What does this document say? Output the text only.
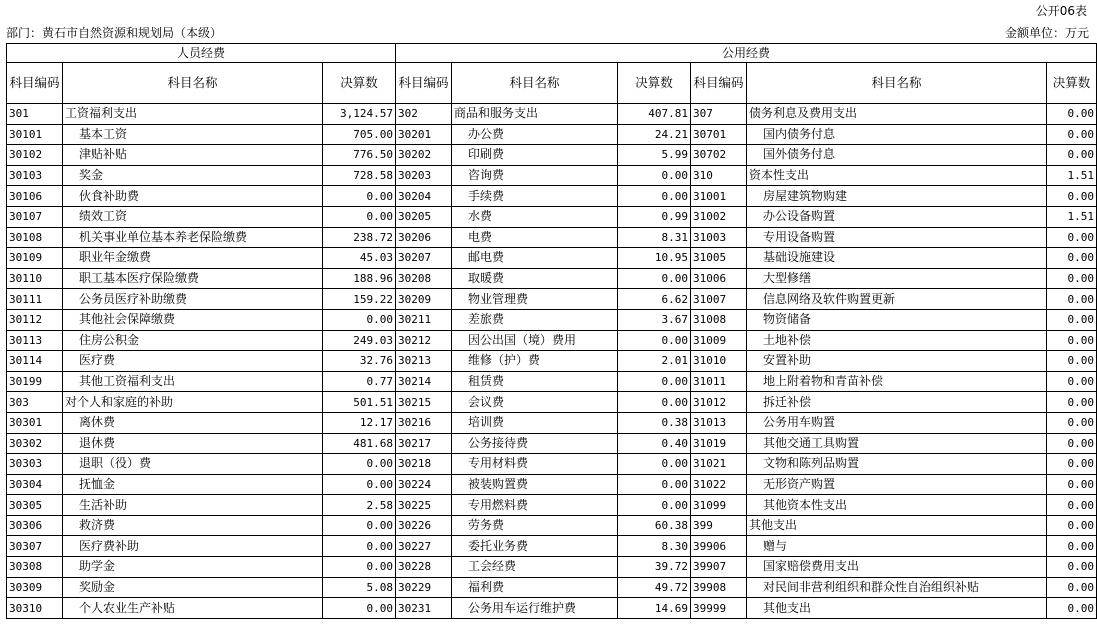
公开06表
部门：黄石市自然资源和规划局（本级）	金额单位：万元
人员经费			公用经费					
科目编码	科目名称	决算数	科目编码	科目名称	决算数	科目编码	科目名称	决算数
301	工资福利支出	3,124.57	302	商品和服务支出	407.81	307	债务利息及费用支出	0.00
30101	基本工资	705.00	30201	办公费	24.21	30701	国内债务付息	0.00
30102	津贴补贴	776.50	30202	印刷费	5.99	30702	国外债务付息	0.00
30103	奖金	728.58	30203	咨询费	0.00	310	资本性支出	1.51
30106	伙食补助费	0.00	30204	手续费	0.00	31001	房屋建筑物购建	0.00
30107	绩效工资	0.00	30205	水费	0.99	31002	办公设备购置	1.51
30108	机关事业单位基本养老保险缴费	238.72	30206	电费	8.31	31003	专用设备购置	0.00
30109	职业年金缴费	45.03	30207	邮电费	10.95	31005	基础设施建设	0.00
30110	职工基本医疗保险缴费	188.96	30208	取暖费	0.00	31006	大型修缮	0.00
30111	公务员医疗补助缴费	159.22	30209	物业管理费	6.62	31007	信息网络及软件购置更新	0.00
30112	其他社会保障缴费	0.00	30211	差旅费	3.67	31008	物资储备	0.00
30113	住房公积金	249.03	30212	因公出国（境）费用	0.00	31009	土地补偿	0.00
30114	医疗费	32.76	30213	维修（护）费	2.01	31010	安置补助	0.00
30199	其他工资福利支出	0.77	30214	租赁费	0.00	31011	地上附着物和青苗补偿	0.00
303	对个人和家庭的补助	501.51	30215	会议费	0.00	31012	拆迁补偿	0.00
30301	离休费	12.17	30216	培训费	0.38	31013	公务用车购置	0.00
30302	退休费	481.68	30217	公务接待费	0.40	31019	其他交通工具购置	0.00
30303	退职（役）费	0.00	30218	专用材料费	0.00	31021	文物和陈列品购置	0.00
30304	抚恤金	0.00	30224	被装购置费	0.00	31022	无形资产购置	0.00
30305	生活补助	2.58	30225	专用燃料费	0.00	31099	其他资本性支出	0.00
30306	救济费	0.00	30226	劳务费	60.38	399	其他支出	0.00
30307	医疗费补助	0.00	30227	委托业务费	8.30	39906	赠与	0.00
30308	助学金	0.00	30228	工会经费	39.72	39907	国家赔偿费用支出	0.00
30309	奖励金	5.08	30229	福利费	49.72	39908	对民间非营利组织和群众性自治组织补贴	0.00
30310	个人农业生产补贴	0.00	30231	公务用车运行维护费	14.69	39999	其他支出	0.00
